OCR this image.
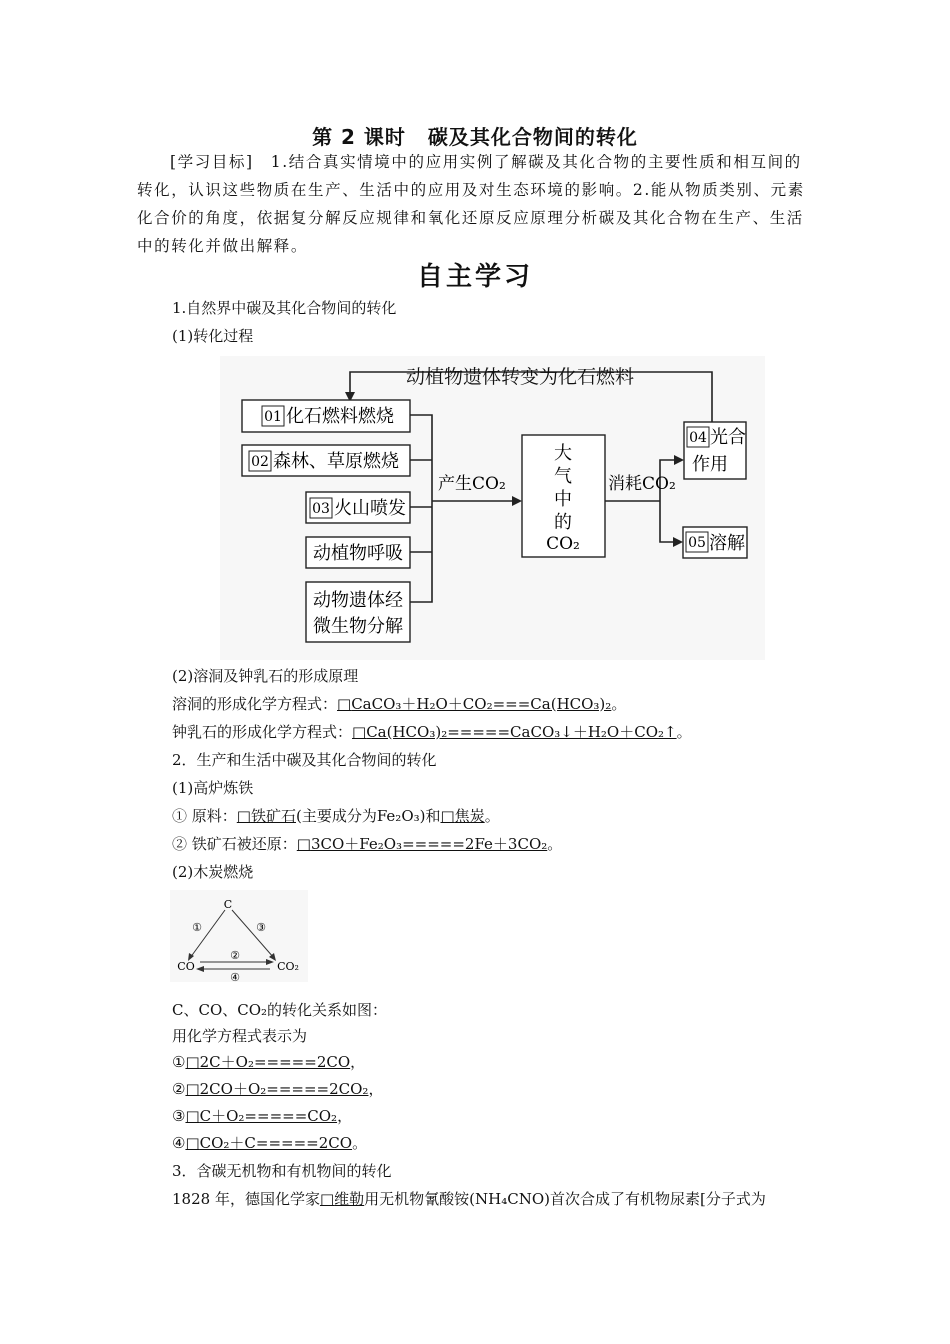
第 2 课时 碳及其化合物间的转化
[学习目标]　1.结合真实情境中的应用实例了解碳及其化合物的主要性质和相互间的转化，认识这些物质在生产、生活中的应用及对生态环境的影响。2.能从物质类别、元素化合价的角度，依据复分解反应规律和氧化还原反应原理分析碳及其化合物在生产、生活中的转化并做出解释。
自主学习
1.自然界中碳及其化合物间的转化
(1)转化过程
动植物遗体转变为化石燃料
01 化石燃料燃烧
02 森林、草原燃烧
03 火山喷发
动植物呼吸
动物遗体经
微生物分解
产生CO₂
大
气
中
的
CO₂
消耗CO₂
04 光合
作用
05 溶解
(2)溶洞及钟乳石的形成原理
溶洞的形成化学方程式： □ CaCO₃＋H₂O＋CO₂===Ca(HCO₃)₂。
钟乳石的形成化学方程式： □ Ca(HCO₃)₂=====CaCO₃↓＋H₂O＋CO₂↑。
2．生产和生活中碳及其化合物间的转化
(1)高炉炼铁
① 原料： □ 铁矿石(主要成分为Fe₂O₃)和 □ 焦炭。
② 铁矿石被还原： □ 3CO＋Fe₂O₃=====2Fe＋3CO₂。
(2)木炭燃烧
C
CO	CO₂
①	③
②
④
C、CO、CO₂的转化关系如图：
用化学方程式表示为
① □ 2C＋O₂=====2CO，
② □ 2CO＋O₂=====2CO₂，
③ □ C＋O₂=====CO₂，
④ □ CO₂＋C=====2CO。
3．含碳无机物和有机物间的转化
1828 年，德国化学家 □ 维勒用无机物氰酸铵(NH₄CNO)首次合成了有机物尿素[分子式为
